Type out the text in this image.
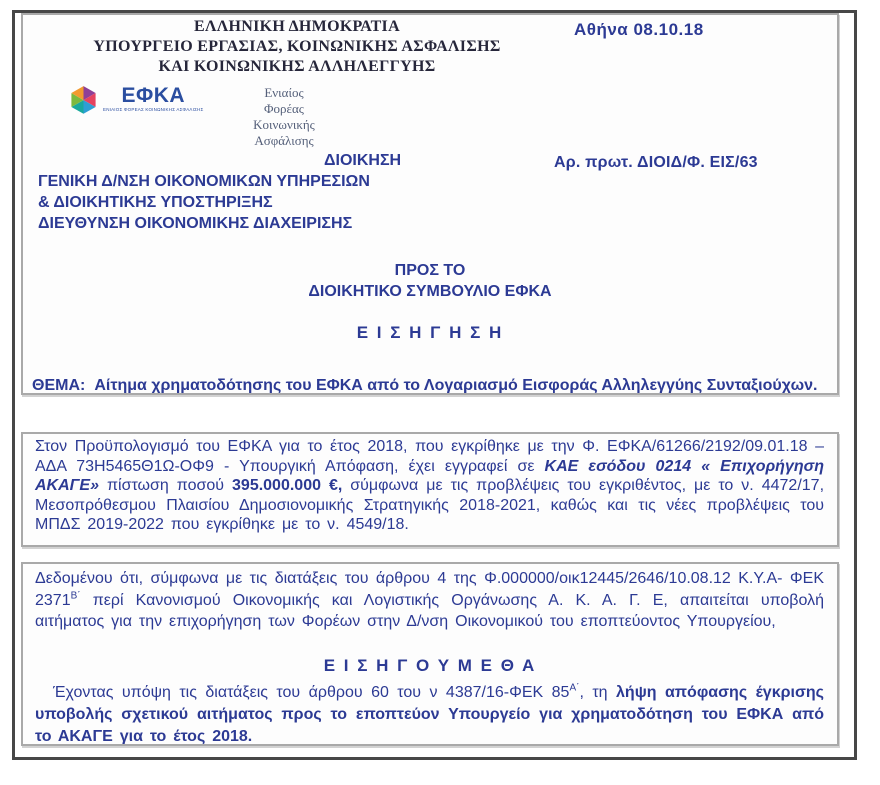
ΕΛΛΗΝΙΚΗ ΔΗΜΟΚΡΑΤΙΑ
ΥΠΟΥΡΓΕΙΟ ΕΡΓΑΣΙΑΣ, ΚΟΙΝΩΝΙΚΗΣ ΑΣΦΑΛΙΣΗΣ
ΚΑΙ ΚΟΙΝΩΝΙΚΗΣ ΑΛΛΗΛΕΓΓΥΗΣ
Αθήνα 08.10.18
ΕΦΚΑ
ΕΝΙΑΙΟΣ ΦΟΡΕΑΣ ΚΟΙΝΩΝΙΚΗΣ ΑΣΦΑΛΙΣΗΣ
Ενιαίος
Φορέας
Κοινωνικής
Ασφάλισης
ΔΙΟΙΚΗΣΗ
ΓΕΝΙΚΗ Δ/ΝΣΗ ΟΙΚΟΝΟΜΙΚΩΝ ΥΠΗΡΕΣΙΩΝ
& ΔΙΟΙΚΗΤΙΚΗΣ ΥΠΟΣΤΗΡΙΞΗΣ
ΔΙΕΥΘΥΝΣΗ ΟΙΚΟΝΟΜΙΚΗΣ ΔΙΑΧΕΙΡΙΣΗΣ
Αρ. πρωτ. ΔΙΟΙΔ/Φ. ΕΙΣ/63
ΠΡΟΣ ΤΟ
ΔΙΟΙΚΗΤΙΚΟ ΣΥΜΒΟΥΛΙΟ ΕΦΚΑ
Ε Ι Σ Η Γ Η Σ Η

ΘΕΜΑ: Αίτημα χρηματοδότησης του ΕΦΚΑ από το Λογαριασμό Εισφοράς Αλληλεγγύης Συνταξιούχων.

Στον Προϋπολογισμό του ΕΦΚΑ για το έτος 2018, που εγκρίθηκε με την Φ. ΕΦΚΑ/61266/2192/09.01.18 – ΑΔΑ 73Η5465Θ1Ω-ΟΦ9 - Υπουργική Απόφαση, έχει εγγραφεί σε ΚΑΕ εσόδου 0214 « Επιχορήγηση ΑΚΑΓΕ» πίστωση ποσού 395.000.000 €, σύμφωνα με τις προβλέψεις του εγκριθέντος, με το ν. 4472/17, Μεσοπρόθεσμου Πλαισίου Δημοσιονομικής Στρατηγικής 2018-2021, καθώς και τις νέες προβλέψεις του ΜΠΔΣ 2019-2022 που εγκρίθηκε με το ν. 4549/18.

Δεδομένου ότι, σύμφωνα με τις διατάξεις του άρθρου 4 της Φ.000000/οικ12445/2646/10.08.12 Κ.Υ.Α- ΦΕΚ $2371^{B΄}$ περί Κανονισμού Οικονομικής και Λογιστικής Οργάνωσης Α. Κ. Α. Γ. Ε, απαιτείται υποβολή αιτήματος για την επιχορήγηση των Φορέων στην Δ/νση Οικονομικού του εποπτεύοντος Υπουργείου,

Ε Ι Σ Η Γ Ο Υ Μ Ε Θ Α

Έχοντας υπόψη τις διατάξεις του άρθρου 60 του ν 4387/16-ΦΕΚ $85^{A΄}$, τη λήψη απόφασης έγκρισης υποβολής σχετικού αιτήματος προς το εποπτεύον Υπουργείο για χρηματοδότηση του ΕΦΚΑ από το ΑΚΑΓΕ για το έτος 2018.
